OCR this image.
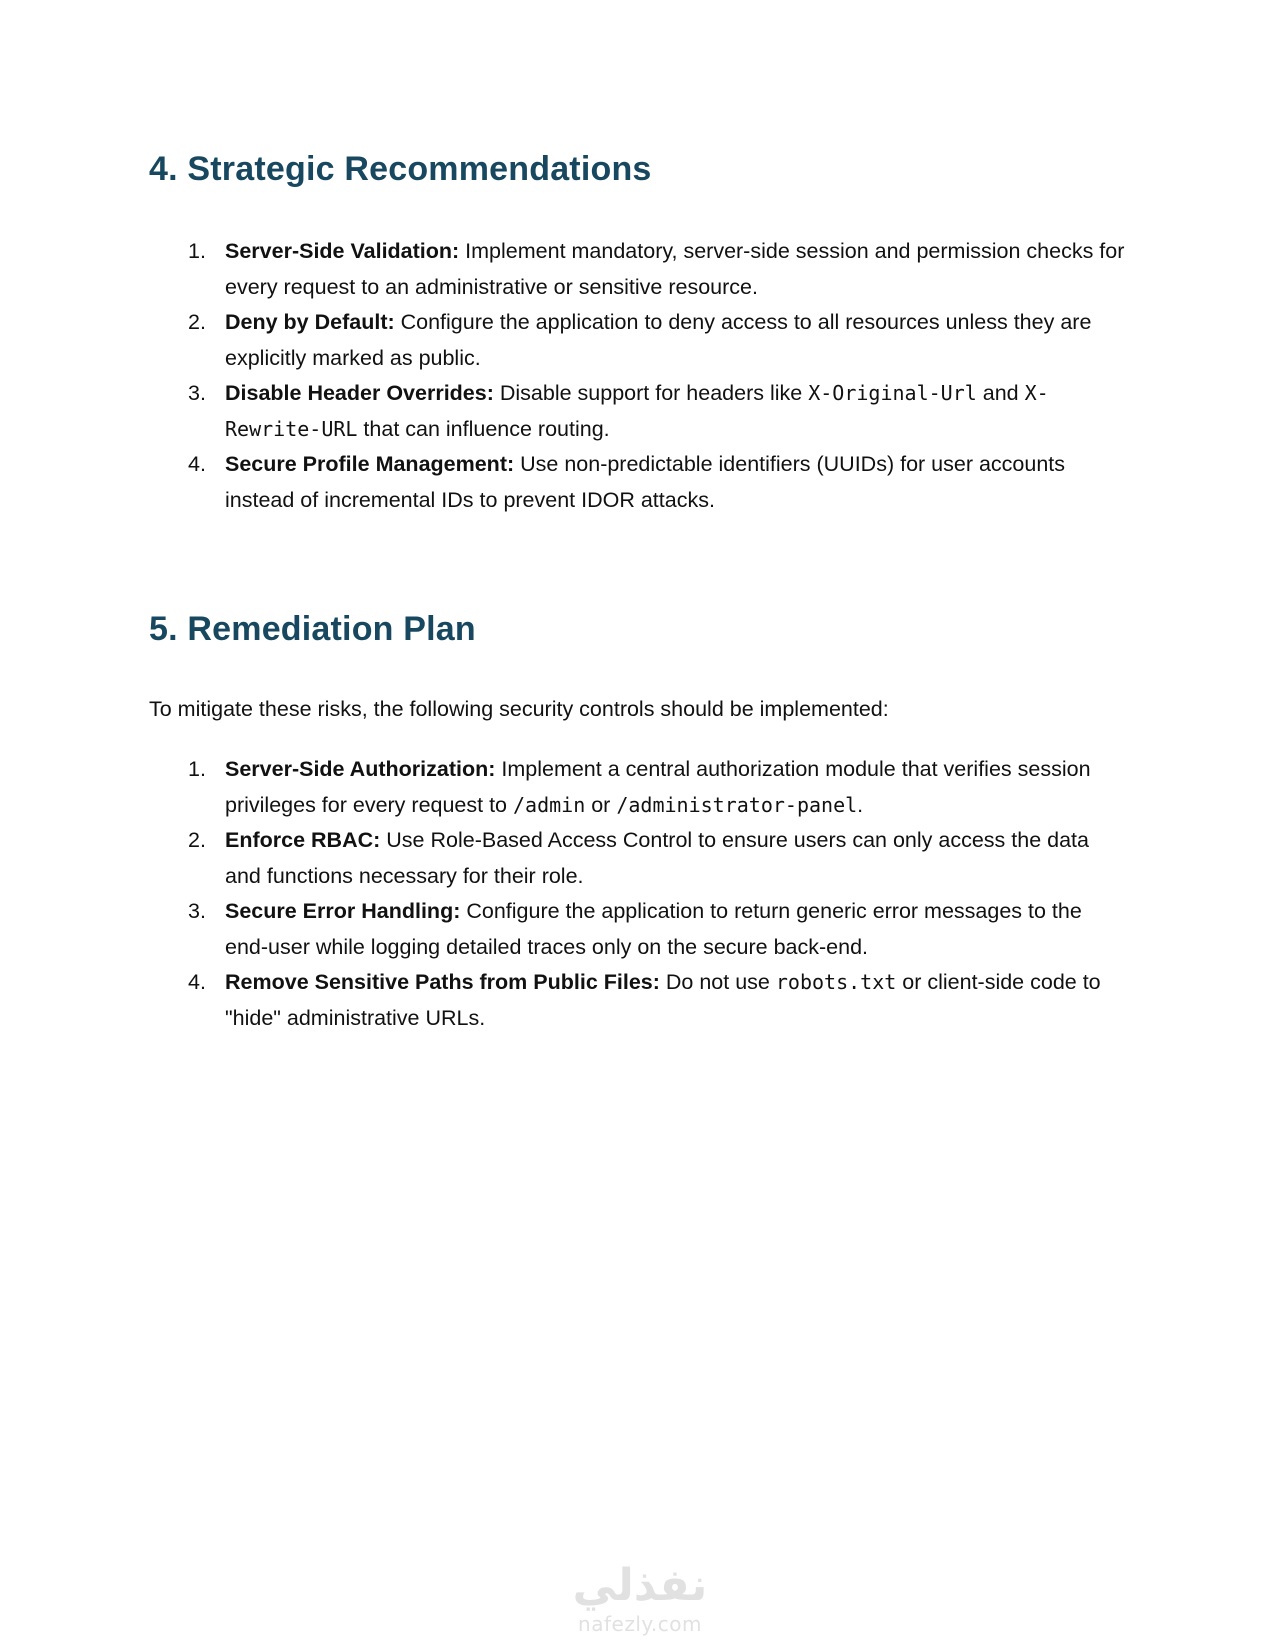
4. Strategic Recommendations
1. Server-Side Validation: Implement mandatory, server-side session and permission checks for every request to an administrative or sensitive resource.
2. Deny by Default: Configure the application to deny access to all resources unless they are explicitly marked as public.
3. Disable Header Overrides: Disable support for headers like X-Original-Url and X-Rewrite-URL that can influence routing.
4. Secure Profile Management: Use non-predictable identifiers (UUIDs) for user accounts instead of incremental IDs to prevent IDOR attacks.
5. Remediation Plan

To mitigate these risks, the following security controls should be implemented:

1. Server-Side Authorization: Implement a central authorization module that verifies session privileges for every request to /admin or /administrator-panel.
2. Enforce RBAC: Use Role-Based Access Control to ensure users can only access the data and functions necessary for their role.
3. Secure Error Handling: Configure the application to return generic error messages to the end-user while logging detailed traces only on the secure back-end.
4. Remove Sensitive Paths from Public Files: Do not use robots.txt or client-side code to "hide" administrative URLs.
نفذلي
nafezly.com
